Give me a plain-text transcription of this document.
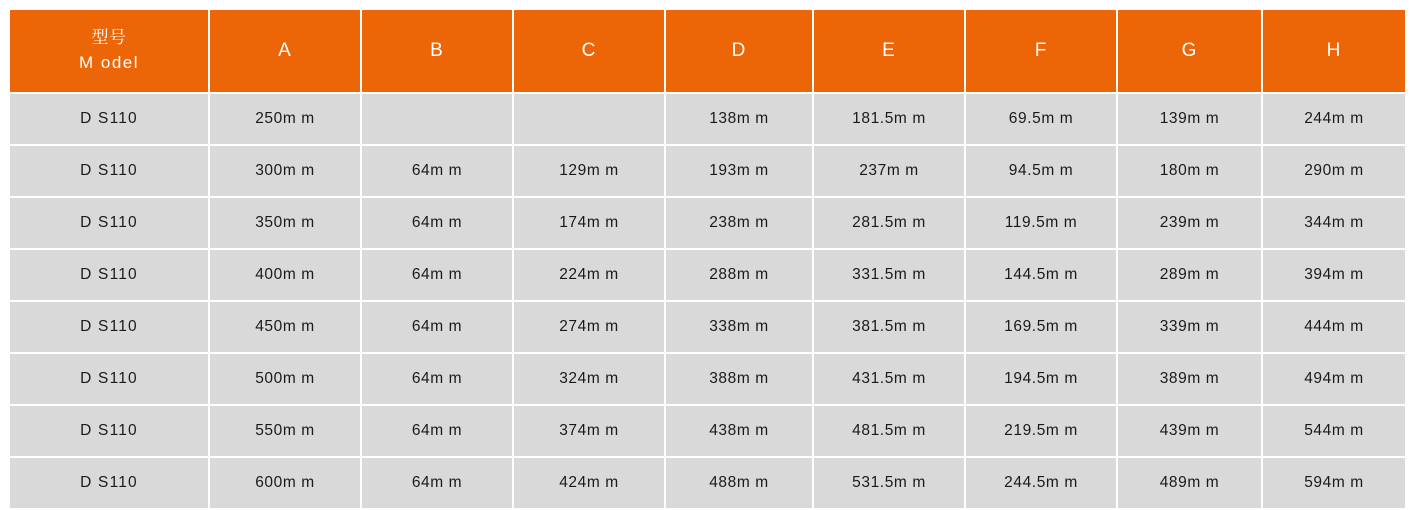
型号
M odel	A	B	C	D	E	F	G	H
D S110	250m m			138m m	181.5m m	69.5m m	139m m	244m m
D S110	300m m	64m m	129m m	193m m	237m m	94.5m m	180m m	290m m
D S110	350m m	64m m	174m m	238m m	281.5m m	119.5m m	239m m	344m m
D S110	400m m	64m m	224m m	288m m	331.5m m	144.5m m	289m m	394m m
D S110	450m m	64m m	274m m	338m m	381.5m m	169.5m m	339m m	444m m
D S110	500m m	64m m	324m m	388m m	431.5m m	194.5m m	389m m	494m m
D S110	550m m	64m m	374m m	438m m	481.5m m	219.5m m	439m m	544m m
D S110	600m m	64m m	424m m	488m m	531.5m m	244.5m m	489m m	594m m
